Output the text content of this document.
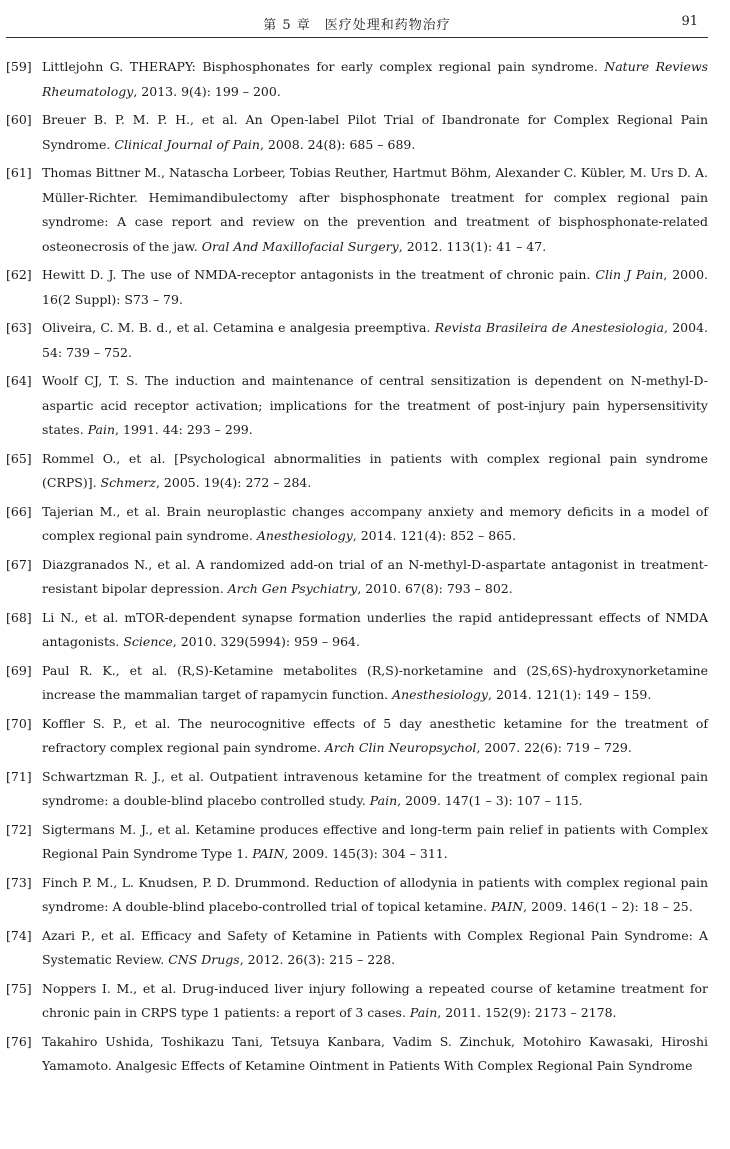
第 5 章　医疗处理和药物治疗	91
[59] Littlejohn G. THERAPY: Bisphosphonates for early complex regional pain syndrome. Nature Reviews Rheumatology, 2013. 9(4): 199 – 200.
[60] Breuer B. P. M. P. H., et al. An Open-label Pilot Trial of Ibandronate for Complex Regional Pain Syndrome. Clinical Journal of Pain, 2008. 24(8): 685 – 689.
[61] Thomas Bittner M., Natascha Lorbeer, Tobias Reuther, Hartmut Böhm, Alexander C. Kübler, M. Urs D. A. Müller-Richter. Hemimandibulectomy after bisphosphonate treatment for complex regional pain syndrome: A case report and review on the prevention and treatment of bisphosphonate-related osteonecrosis of the jaw. Oral And Maxillofacial Surgery, 2012. 113(1): 41 – 47.
[62] Hewitt D. J. The use of NMDA-receptor antagonists in the treatment of chronic pain. Clin J Pain, 2000. 16(2 Suppl): S73 – 79.
[63] Oliveira, C. M. B. d., et al. Cetamina e analgesia preemptiva. Revista Brasileira de Anestesiologia, 2004. 54: 739 – 752.
[64] Woolf CJ, T. S. The induction and maintenance of central sensitization is dependent on N-methyl-D-aspartic acid receptor activation; implications for the treatment of post-injury pain hypersensitivity states. Pain, 1991. 44: 293 – 299.
[65] Rommel O., et al. [Psychological abnormalities in patients with complex regional pain syndrome (CRPS)]. Schmerz, 2005. 19(4): 272 – 284.
[66] Tajerian M., et al. Brain neuroplastic changes accompany anxiety and memory deficits in a model of complex regional pain syndrome. Anesthesiology, 2014. 121(4): 852 – 865.
[67] Diazgranados N., et al. A randomized add-on trial of an N-methyl-D-aspartate antagonist in treatment-resistant bipolar depression. Arch Gen Psychiatry, 2010. 67(8): 793 – 802.
[68] Li N., et al. mTOR-dependent synapse formation underlies the rapid antidepressant effects of NMDA antagonists. Science, 2010. 329(5994): 959 – 964.
[69] Paul R. K., et al. (R,S)-Ketamine metabolites (R,S)-norketamine and (2S,6S)-hydroxynorketamine increase the mammalian target of rapamycin function. Anesthesiology, 2014. 121(1): 149 – 159.
[70] Koffler S. P., et al. The neurocognitive effects of 5 day anesthetic ketamine for the treatment of refractory complex regional pain syndrome. Arch Clin Neuropsychol, 2007. 22(6): 719 – 729.
[71] Schwartzman R. J., et al. Outpatient intravenous ketamine for the treatment of complex regional pain syndrome: a double-blind placebo controlled study. Pain, 2009. 147(1 – 3): 107 – 115.
[72] Sigtermans M. J., et al. Ketamine produces effective and long-term pain relief in patients with Complex Regional Pain Syndrome Type 1. PAIN, 2009. 145(3): 304 – 311.
[73] Finch P. M., L. Knudsen, P. D. Drummond. Reduction of allodynia in patients with complex regional pain syndrome: A double-blind placebo-controlled trial of topical ketamine. PAIN, 2009. 146(1 – 2): 18 – 25.
[74] Azari P., et al. Efficacy and Safety of Ketamine in Patients with Complex Regional Pain Syndrome: A Systematic Review. CNS Drugs, 2012. 26(3): 215 – 228.
[75] Noppers I. M., et al. Drug-induced liver injury following a repeated course of ketamine treatment for chronic pain in CRPS type 1 patients: a report of 3 cases. Pain, 2011. 152(9): 2173 – 2178.
[76] Takahiro Ushida, Toshikazu Tani, Tetsuya Kanbara, Vadim S. Zinchuk, Motohiro Kawasaki, Hiroshi Yamamoto. Analgesic Effects of Ketamine Ointment in Patients With Complex Regional Pain Syndrome
